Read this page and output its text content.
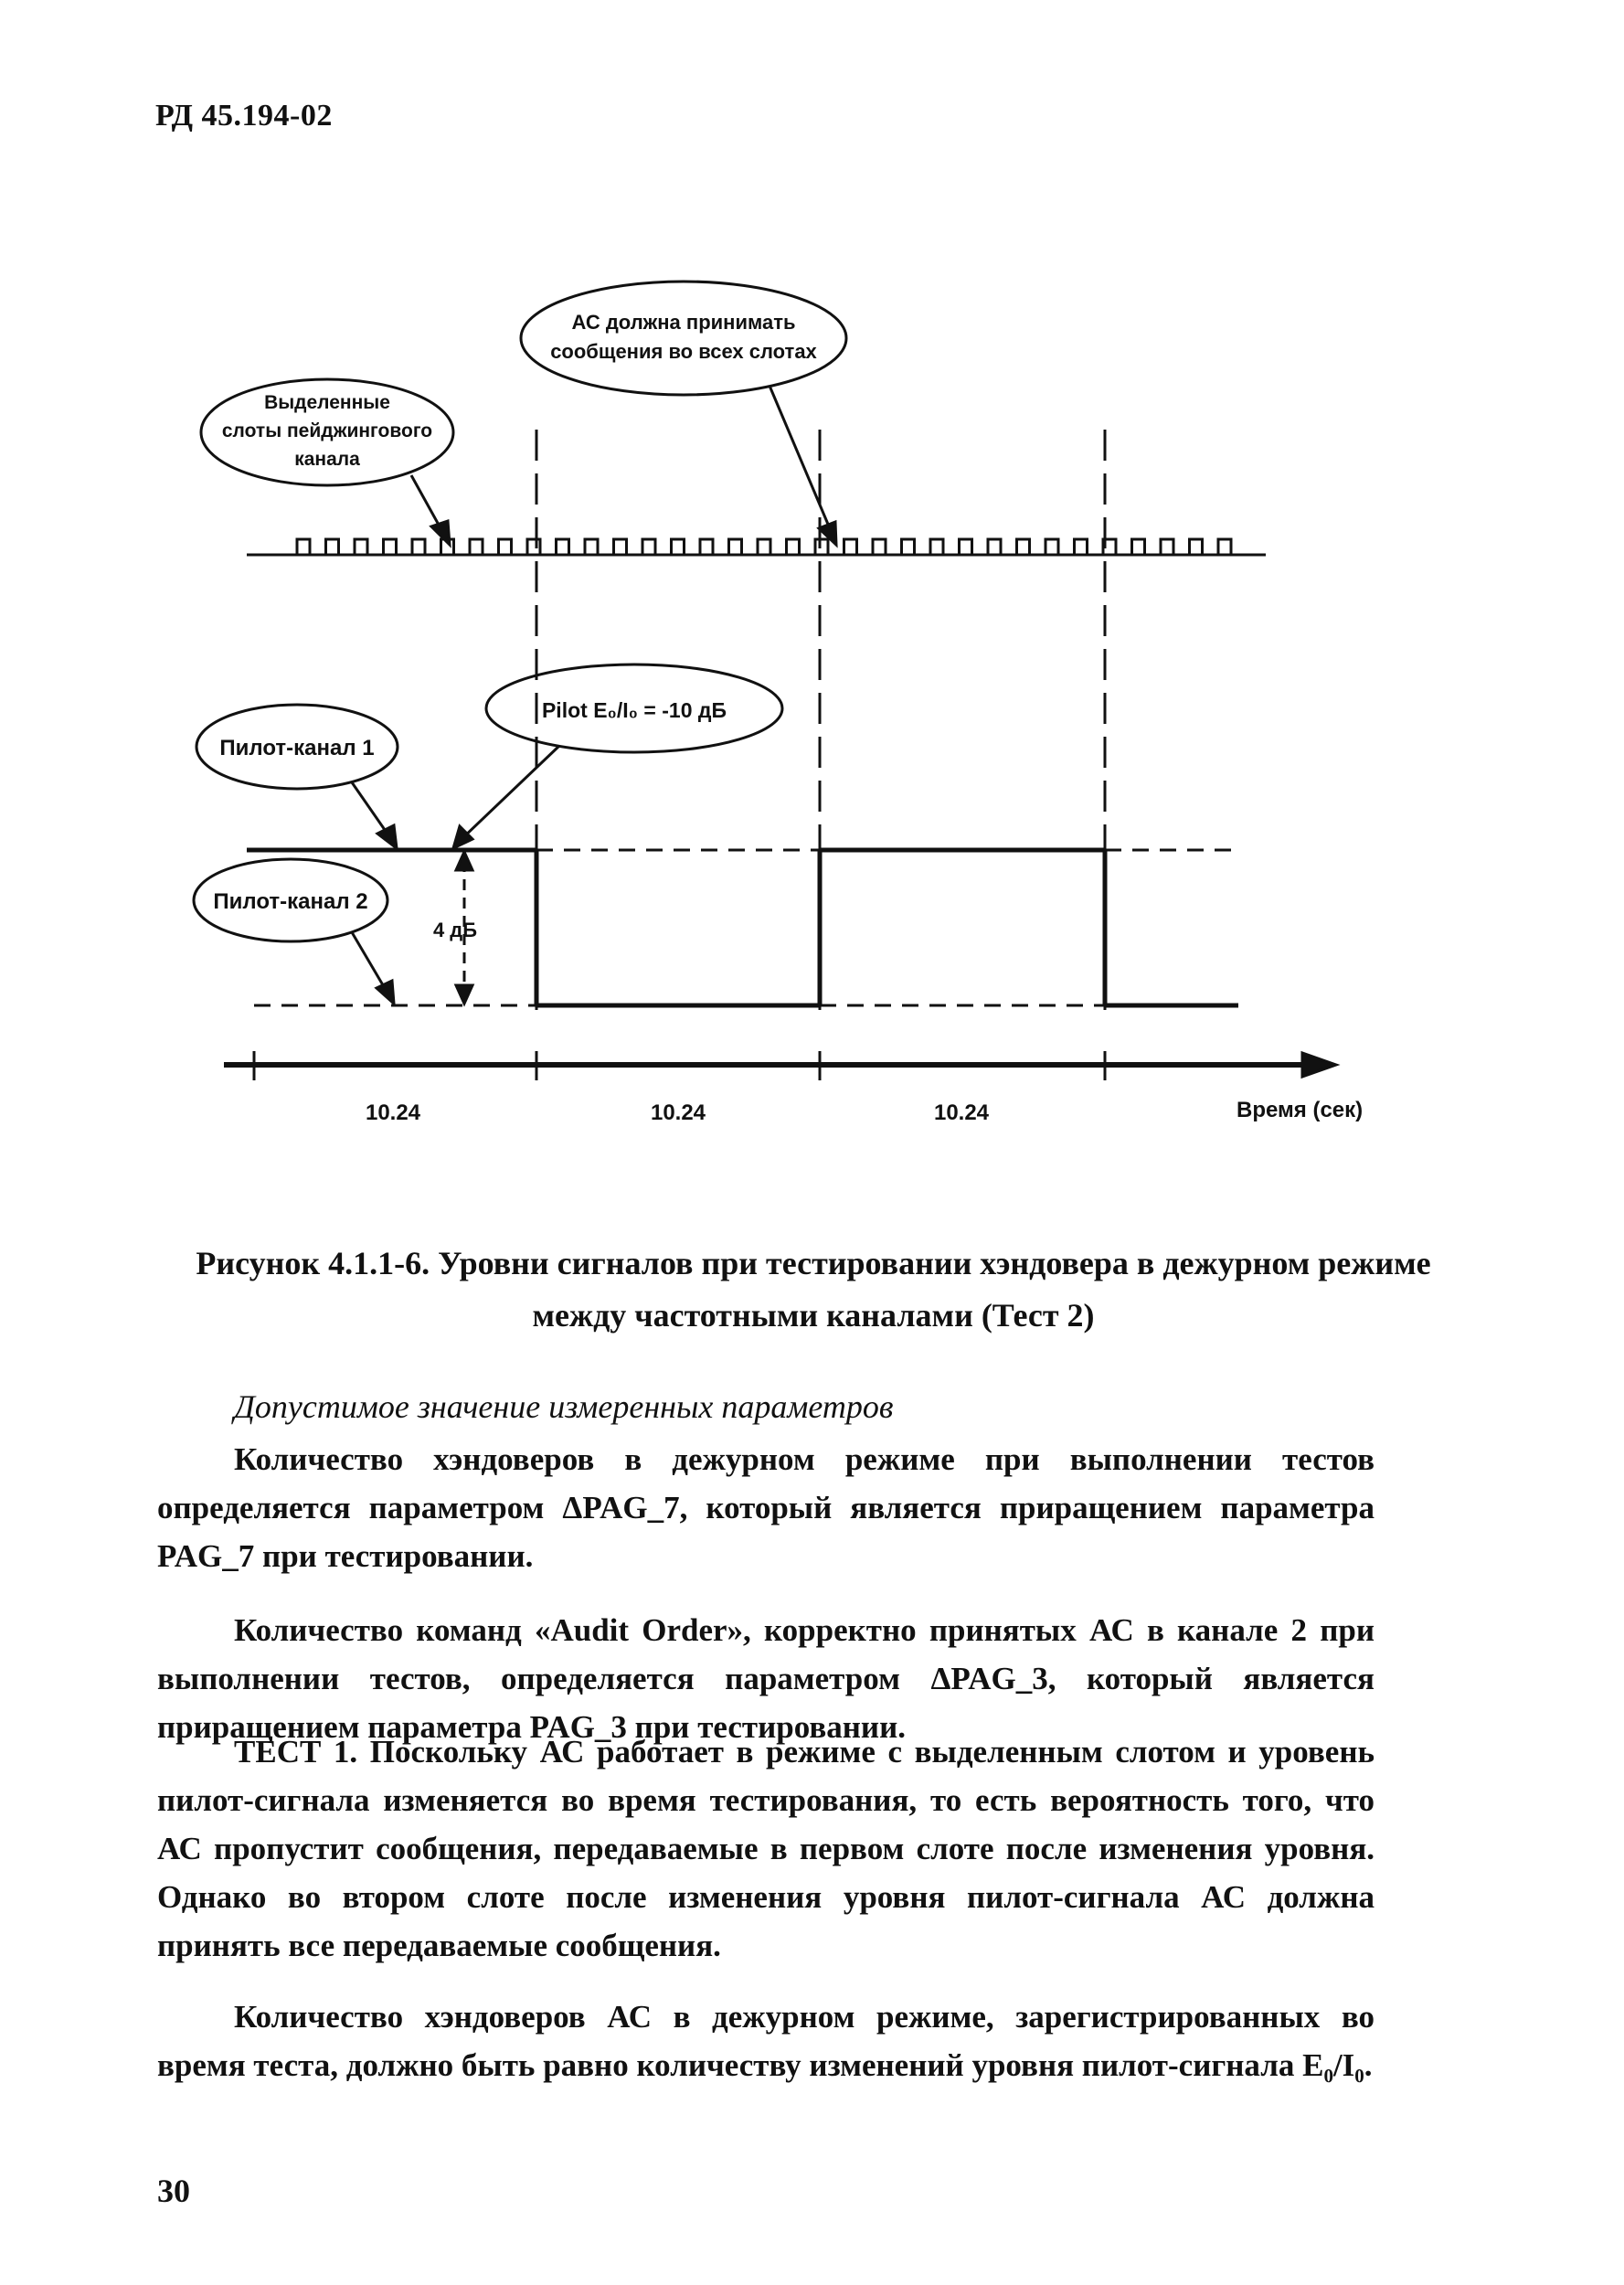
РД 45.194-02
Выделенные
слоты пейджингового
канала
АС должна принимать
сообщения во всех слотах
Pilot E₀/I₀ = -10 дБ
Пилот-канал 1
Пилот-канал 2
4 дБ
10.24	10.24	10.24	Время (сек)
Рисунок 4.1.1-6. Уровни сигналов при тестировании хэндовера в дежурном режиме
между частотными каналами (Тест 2)
Допустимое значение измеренных параметров
Количество хэндоверов в дежурном режиме при выполнении тестов определяется параметром ΔPAG_7, который является приращением параметра PAG_7 при тестировании.
Количество команд «Audit Order», корректно принятых АС в канале 2 при выполнении тестов, определяется параметром ΔPAG_3, который является приращением параметра PAG_3 при тестировании.
ТЕСТ 1. Поскольку АС работает в режиме с выделенным слотом и уровень пилот-сигнала изменяется во время тестирования, то есть вероятность того, что АС пропустит сообщения, передаваемые в первом слоте после изменения уровня. Однако во втором слоте после изменения уровня пилот-сигнала АС должна принять все передаваемые сообщения.
Количество хэндоверов АС в дежурном режиме, зарегистрированных во время теста, должно быть равно количеству изменений уровня пилот-сигнала E₀/I₀.
30
